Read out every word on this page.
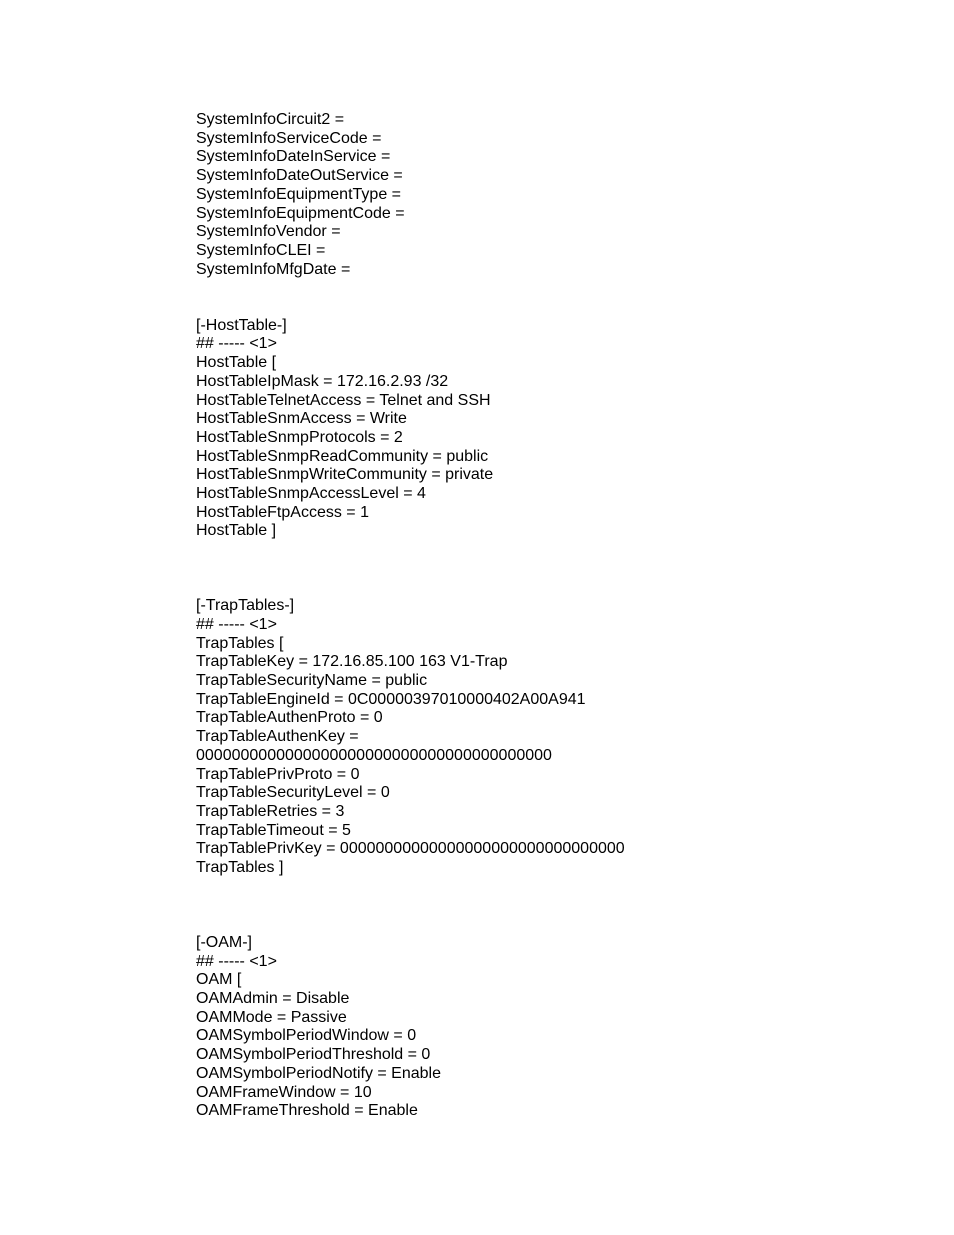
SystemInfoCircuit2 =

SystemInfoServiceCode =

SystemInfoDateInService =

SystemInfoDateOutService =

SystemInfoEquipmentType =

SystemInfoEquipmentCode =

SystemInfoVendor =

SystemInfoCLEI =

SystemInfoMfgDate =

[-HostTable-]

## ----- <1>

HostTable [

HostTableIpMask = 172.16.2.93 /32

HostTableTelnetAccess = Telnet and SSH

HostTableSnmAccess = Write

HostTableSnmpProtocols = 2

HostTableSnmpReadCommunity = public

HostTableSnmpWriteCommunity = private

HostTableSnmpAccessLevel = 4

HostTableFtpAccess = 1

HostTable ]

[-TrapTables-]

## ----- <1>

TrapTables [

TrapTableKey = 172.16.85.100 163 V1-Trap

TrapTableSecurityName = public

TrapTableEngineId = 0C00000397010000402A00A941

TrapTableAuthenProto = 0

TrapTableAuthenKey =

0000000000000000000000000000000000000000

TrapTablePrivProto = 0

TrapTableSecurityLevel = 0

TrapTableRetries = 3

TrapTableTimeout = 5

TrapTablePrivKey = 00000000000000000000000000000000

TrapTables ]

[-OAM-]

## ----- <1>

OAM [

OAMAdmin = Disable

OAMMode = Passive

OAMSymbolPeriodWindow = 0

OAMSymbolPeriodThreshold = 0

OAMSymbolPeriodNotify = Enable

OAMFrameWindow = 10

OAMFrameThreshold = Enable
